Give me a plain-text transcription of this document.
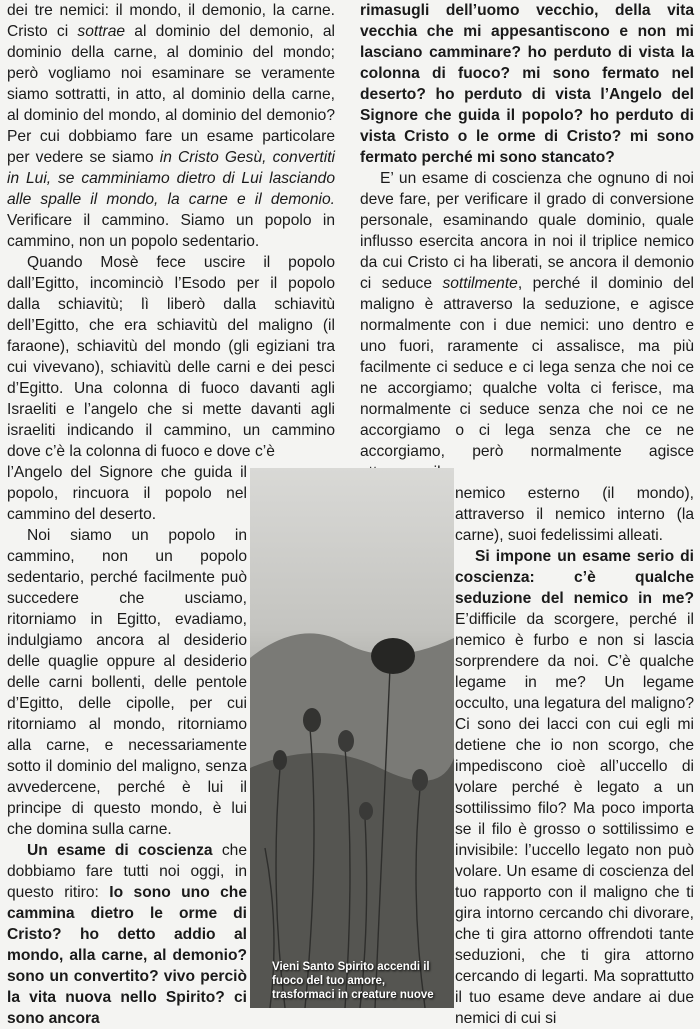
dei tre nemici: il mondo, il demonio, la carne. Cristo ci sottrae al dominio del demonio, al dominio della carne, al dominio del mondo; però vogliamo noi esaminare se veramente siamo sottratti, in atto, al dominio della carne, al dominio del mondo, al dominio del demonio? Per cui dobbiamo fare un esame particolare per vedere se siamo in Cristo Gesù, convertiti in Lui, se camminiamo dietro di Lui lasciando alle spalle il mondo, la carne e il demonio. Verificare il cammino. Siamo un popolo in cammino, non un popolo sedentario.

Quando Mosè fece uscire il popolo dall’Egitto, incominciò l’Esodo per il popolo dalla schiavitù; lì liberò dalla schiavitù dell’Egitto, che era schiavitù del maligno (il faraone), schiavitù del mondo (gli egiziani tra cui vivevano), schiavitù delle carni e dei pesci d’Egitto. Una colonna di fuoco davanti agli Israeliti e l’angelo che si mette davanti agli israeliti indicando il cammino, un cammino dove c’è la colonna di fuoco e dove c’è

l’Angelo del Signore che guida il popolo, rincuora il popolo nel cammino del deserto.

Noi siamo un popolo in cammino, non un popolo sedentario, perché facilmente può succedere che usciamo, ritorniamo in Egitto, evadiamo, indulgiamo ancora al desiderio delle quaglie oppure al desiderio delle carni bollenti, delle pentole d’Egitto, delle cipolle, per cui ritorniamo al mondo, ritorniamo alla carne, e necessariamente sotto il dominio del maligno, senza avvedercene, perché è lui il principe di questo mondo, è lui che domina sulla carne.

Un esame di coscienza che dobbiamo fare tutti noi oggi, in questo ritiro: Io sono uno che cammina dietro le orme di Cristo? ho detto addio al mondo, alla carne, al demonio? sono un convertito? vivo perciò la vita nuova nello Spirito? ci sono ancora

rimasugli dell’uomo vecchio, della vita vecchia che mi appesantiscono e non mi lasciano camminare? ho perduto di vista la colonna di fuoco? mi sono fermato nel deserto? ho perduto di vista l’Angelo del Signore che guida il popolo? ho perduto di vista Cristo o le orme di Cristo? mi sono fermato perché mi sono stancato?

E’ un esame di coscienza che ognuno di noi deve fare, per verificare il grado di conversione personale, esaminando quale dominio, quale influsso esercita ancora in noi il triplice nemico da cui Cristo ci ha liberati, se ancora il demonio ci seduce sottilmente, perché il dominio del maligno è attraverso la seduzione, e agisce normalmente con i due nemici: uno dentro e uno fuori, raramente ci assalisce, ma più facilmente ci seduce e ci lega senza che noi ce ne accorgiamo; qualche volta ci ferisce, ma normalmente ci seduce senza che noi ce ne accorgiamo o ci lega senza che ce ne accorgiamo, però normalmente agisce

nemico esterno (il mondo), attraverso il nemico interno (la carne), suoi fedelissimi alleati.

Si impone un esame serio di coscienza: c’è qualche seduzione del nemico in me? E’difficile da scorgere, perché il nemico è furbo e non si lascia sorprendere da noi. C’è qualche legame in me? Un legame occulto, una legatura del maligno? Ci sono dei lacci con cui egli mi detiene che io non scorgo, che impediscono cioè all’uccello di volare perché è legato a un sottilissimo filo? Ma poco importa se il filo è grosso o sottilissimo e invisibile: l’uccello legato non può volare. Un esame di coscienza del tuo rapporto con il maligno che ti gira intorno cercando chi divorare, che ti gira attorno offrendoti tante seduzioni, che ti gira attorno cercando di legarti. Ma soprattutto il tuo esame deve andare ai due nemici di cui si

Vieni Santo Spirito accendi il fuoco del tuo amore, trasformaci in creature nuove
